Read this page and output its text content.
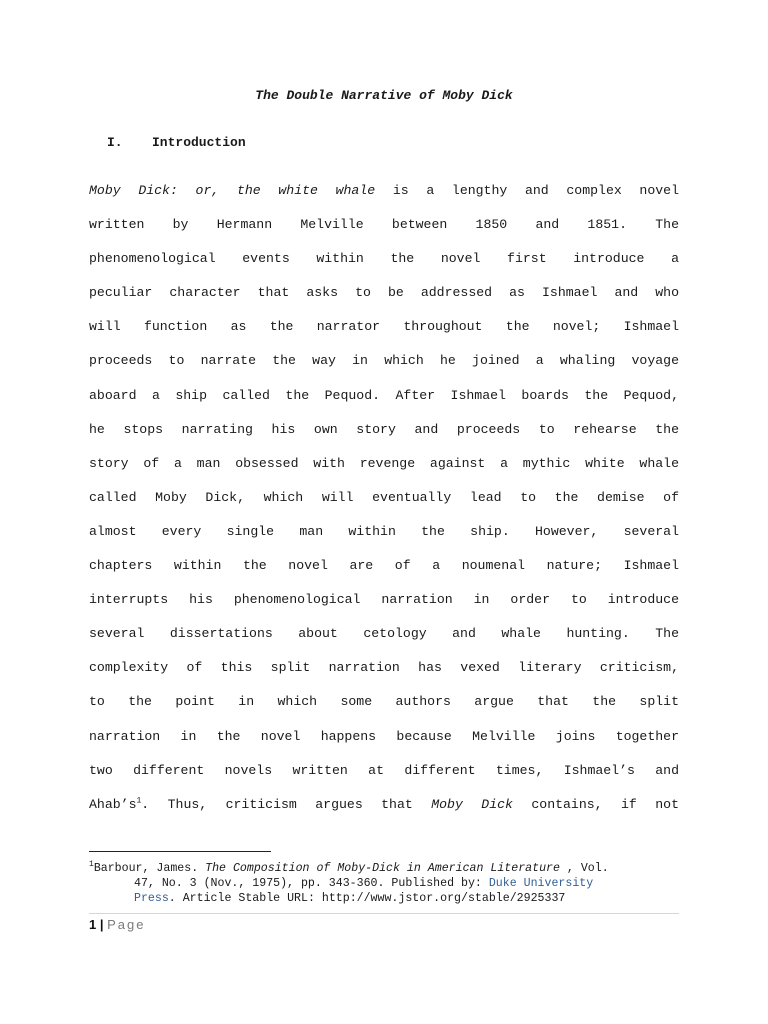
The Double Narrative of Moby Dick
I. Introduction
Moby Dick: or, the white whale is a lengthy and complex novel
written by Hermann Melville between 1850 and 1851. The
phenomenological events within the novel first introduce a
peculiar character that asks to be addressed as Ishmael and who
will function as the narrator throughout the novel; Ishmael
proceeds to narrate the way in which he joined a whaling voyage
aboard a ship called the Pequod. After Ishmael boards the Pequod,
he stops narrating his own story and proceeds to rehearse the
story of a man obsessed with revenge against a mythic white whale
called Moby Dick, which will eventually lead to the demise of
almost every single man within the ship. However, several
chapters within the novel are of a noumenal nature; Ishmael
interrupts his phenomenological narration in order to introduce
several dissertations about cetology and whale hunting. The
complexity of this split narration has vexed literary criticism,
to the point in which some authors argue that the split
narration in the novel happens because Melville joins together
two different novels written at different times, Ishmael’s and
$Ahab’s^1$. Thus, criticism argues that Moby Dick contains, if not
$^1$Barbour, James. The Composition of Moby-Dick in American Literature , Vol.
47, No. 3 (Nov., 1975), pp. 343-360. Published by: Duke University
Press. Article Stable URL: http://www.jstor.org/stable/2925337
1 | Page
